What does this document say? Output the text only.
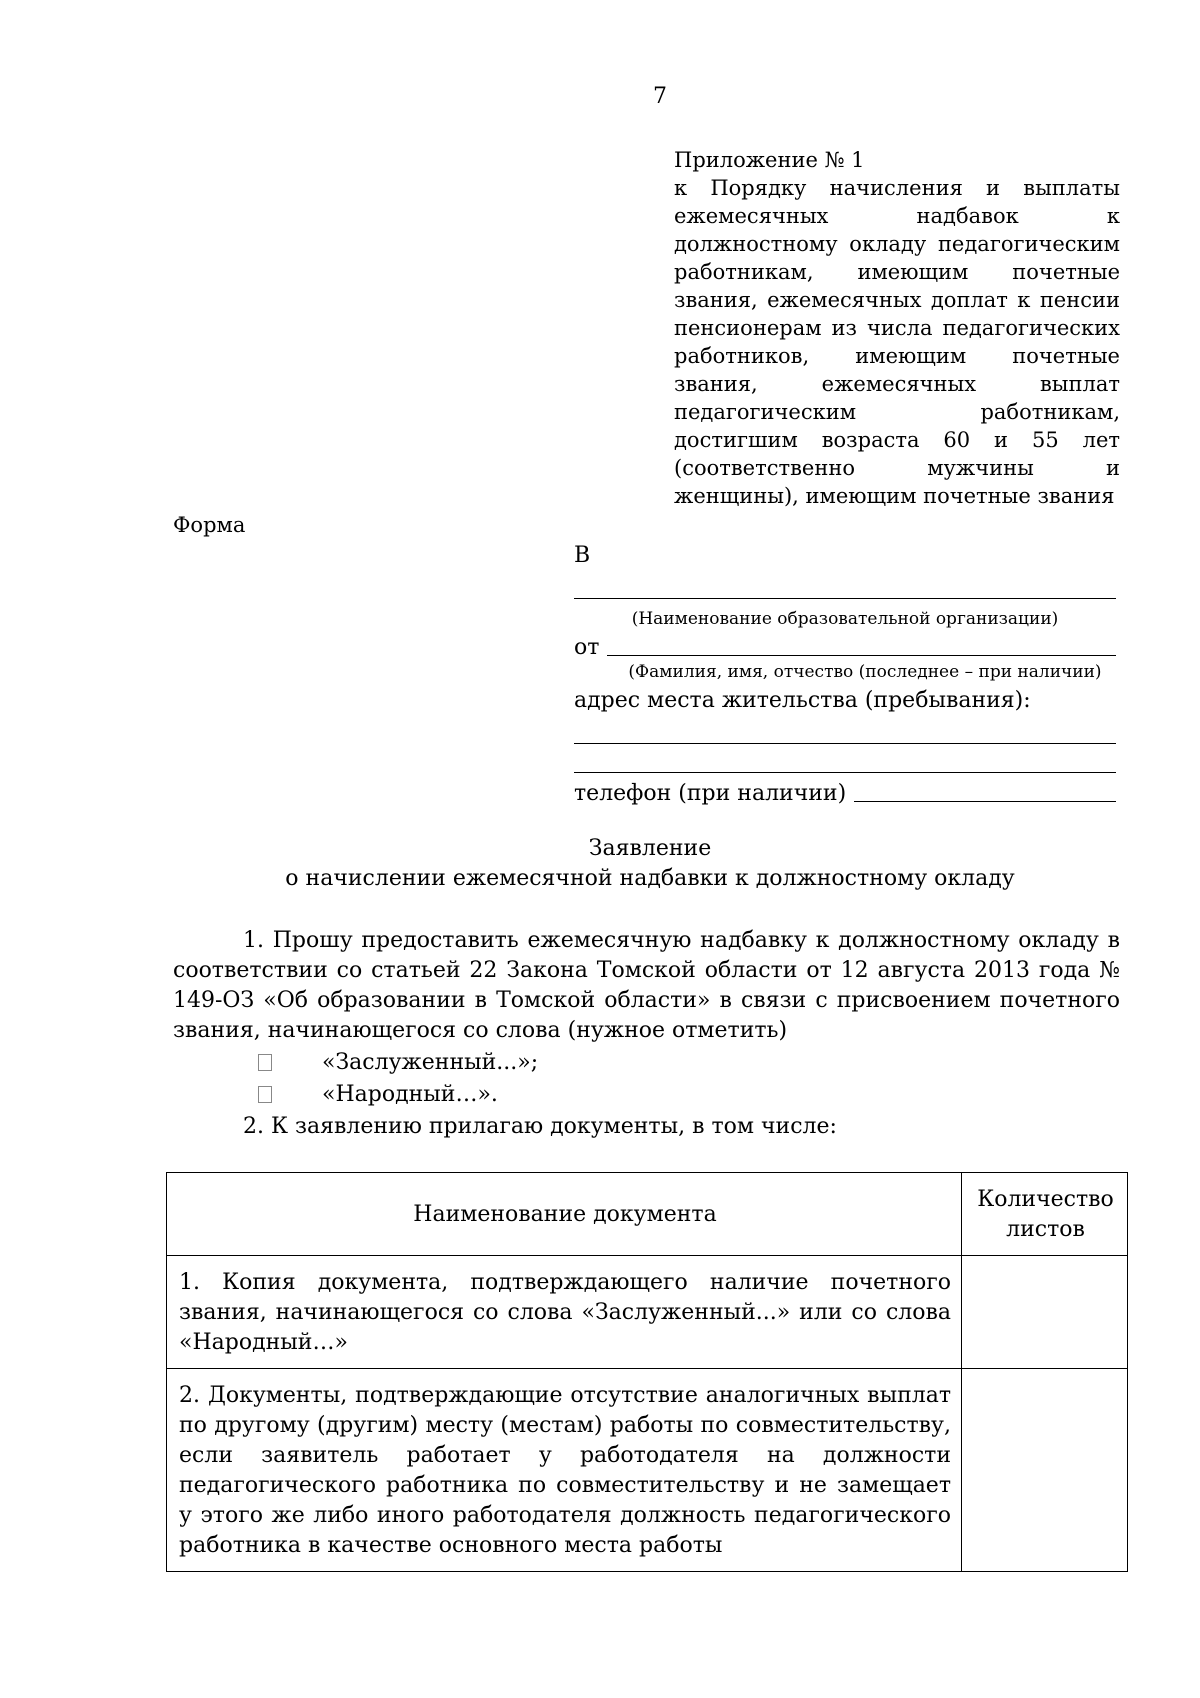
7
Приложение № 1
к Порядку начисления и выплаты ежемесячных надбавок к должностному окладу педагогическим работникам, имеющим почетные звания, ежемесячных доплат к пенсии пенсионерам из числа педагогических работников, имеющим почетные звания, ежемесячных выплат педагогическим работникам, достигшим возраста 60 и 55 лет (соответственно мужчины и женщины), имеющим почетные звания
Форма
В
(Наименование образовательной организации)
от
(Фамилия, имя, отчество (последнее – при наличии)
адрес места жительства (пребывания):
телефон (при наличии)
Заявление
о начислении ежемесячной надбавки к должностному окладу
1. Прошу предоставить ежемесячную надбавку к должностному окладу в соответствии со статьей 22 Закона Томской области от 12 августа 2013 года № 149-ОЗ «Об образовании в Томской области» в связи с присвоением почетного звания, начинающегося со слова (нужное отметить)
«Заслуженный...»;
«Народный…».
2. К заявлению прилагаю документы, в том числе:
Наименование документа	Количество листов
1. Копия документа, подтверждающего наличие почетного звания, начинающегося со слова «Заслуженный...» или со слова «Народный…»	
2. Документы, подтверждающие отсутствие аналогичных выплат по другому (другим) месту (местам) работы по совместительству, если заявитель работает у работодателя на должности педагогического работника по совместительству и не замещает у этого же либо иного работодателя должность педагогического работника в качестве основного места работы	
